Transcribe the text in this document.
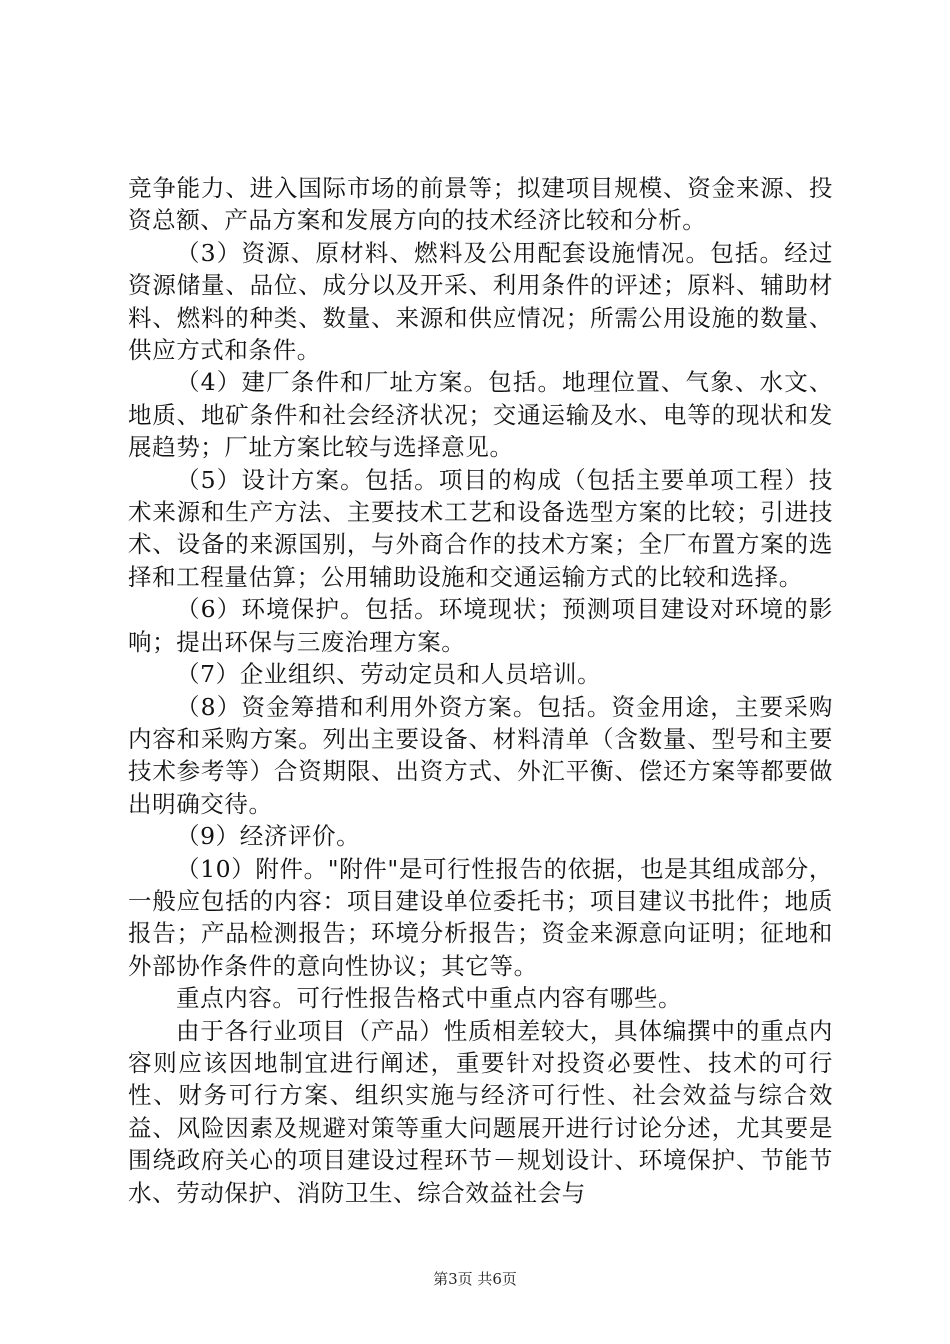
竞争能力、进入国际市场的前景等；拟建项目规模、资金来源、投资总额、产品方案和发展方向的技术经济比较和分析。

（3）资源、原材料、燃料及公用配套设施情况。包括。经过资源储量、品位、成分以及开采、利用条件的评述；原料、辅助材料、燃料的种类、数量、来源和供应情况；所需公用设施的数量、供应方式和条件。

（4）建厂条件和厂址方案。包括。地理位置、气象、水文、地质、地矿条件和社会经济状况；交通运输及水、电等的现状和发展趋势；厂址方案比较与选择意见。

（5）设计方案。包括。项目的构成（包括主要单项工程）技术来源和生产方法、主要技术工艺和设备选型方案的比较；引进技术、设备的来源国别，与外商合作的技术方案；全厂布置方案的选择和工程量估算；公用辅助设施和交通运输方式的比较和选择。

（6）环境保护。包括。环境现状；预测项目建设对环境的影响；提出环保与三废治理方案。

（7）企业组织、劳动定员和人员培训。

（8）资金筹措和利用外资方案。包括。资金用途，主要采购内容和采购方案。列出主要设备、材料清单（含数量、型号和主要技术参考等）合资期限、出资方式、外汇平衡、偿还方案等都要做出明确交待。

（9）经济评价。

（10）附件。"附件"是可行性报告的依据，也是其组成部分，一般应包括的内容：项目建设单位委托书；项目建议书批件；地质报告；产品检测报告；环境分析报告；资金来源意向证明；征地和外部协作条件的意向性协议；其它等。

重点内容。可行性报告格式中重点内容有哪些。

由于各行业项目（产品）性质相差较大，具体编撰中的重点内容则应该因地制宜进行阐述，重要针对投资必要性、技术的可行性、财务可行方案、组织实施与经济可行性、社会效益与综合效益、风险因素及规避对策等重大问题展开进行讨论分述，尤其要是围绕政府关心的项目建设过程环节－规划设计、环境保护、节能节水、劳动保护、消防卫生、综合效益社会与

第3页 共6页
